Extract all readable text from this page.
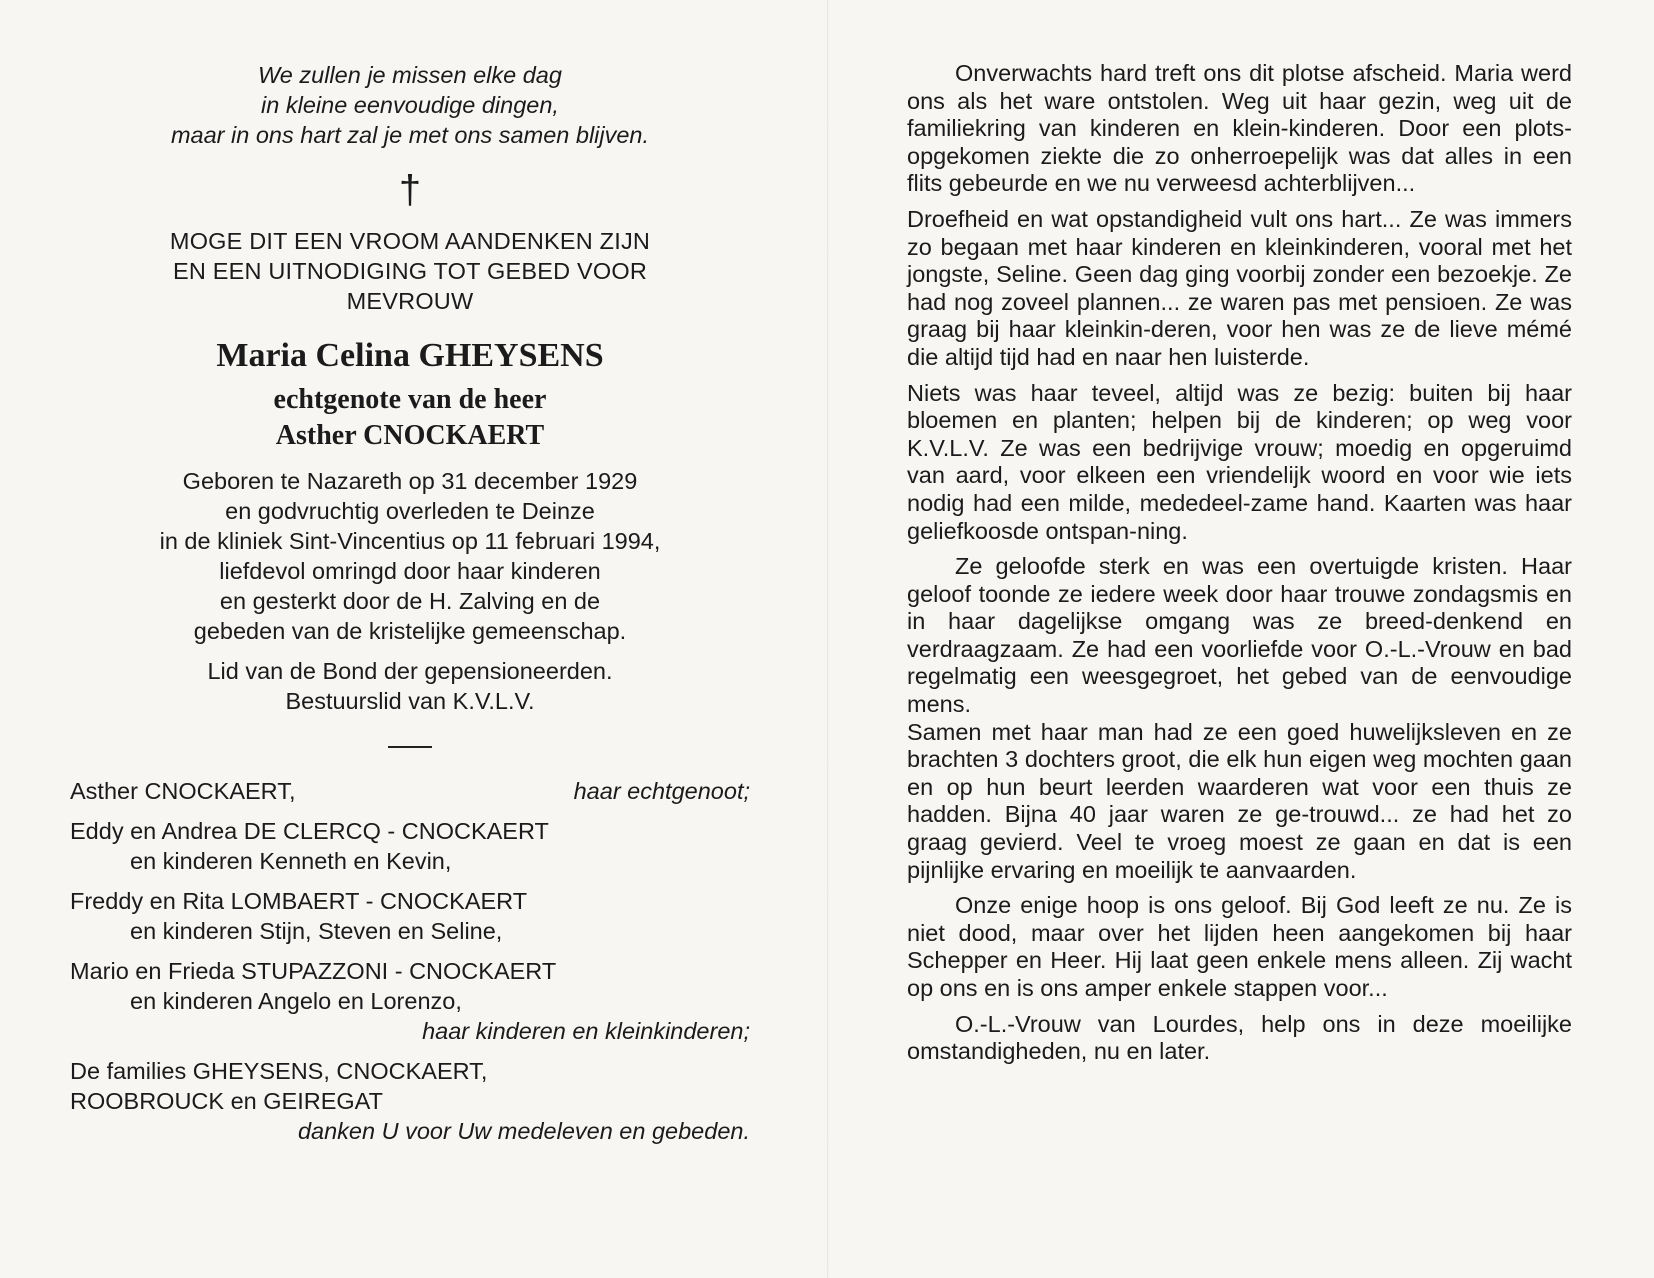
We zullen je missen elke dag

in kleine eenvoudige dingen,

maar in ons hart zal je met ons samen blijven.

†

MOGE DIT EEN VROOM AANDENKEN ZIJN

EN EEN UITNODIGING TOT GEBED VOOR

MEVROUW

Maria Celina GHEYSENS

echtgenote van de heer

Asther CNOCKAERT

Geboren te Nazareth op 31 december 1929

en godvruchtig overleden te Deinze

in de kliniek Sint-Vincentius op 11 februari 1994,

liefdevol omringd door haar kinderen

en gesterkt door de H. Zalving en de

gebeden van de kristelijke gemeenschap.

Lid van de Bond der gepensioneerden.

Bestuurslid van K.V.L.V.

Asther CNOCKAERT,	haar echtgenoot;
Eddy en Andrea DE CLERCQ - CNOCKAERT
en kinderen Kenneth en Kevin,
Freddy en Rita LOMBAERT - CNOCKAERT
en kinderen Stijn, Steven en Seline,
Mario en Frieda STUPAZZONI - CNOCKAERT
en kinderen Angelo en Lorenzo,
haar kinderen en kleinkinderen;
De families GHEYSENS, CNOCKAERT,
ROOBROUCK en GEIREGAT
danken U voor Uw medeleven en gebeden.

Onverwachts hard treft ons dit plotse afscheid. Maria werd ons als het ware ontstolen. Weg uit haar gezin, weg uit de familiekring van kinderen en klein-kinderen. Door een plots-opgekomen ziekte die zo onherroepelijk was dat alles in een flits gebeurde en we nu verweesd achterblijven...

Droefheid en wat opstandigheid vult ons hart... Ze was immers zo begaan met haar kinderen en kleinkinderen, vooral met het jongste, Seline. Geen dag ging voorbij zonder een bezoekje. Ze had nog zoveel plannen... ze waren pas met pensioen. Ze was graag bij haar kleinkin-deren, voor hen was ze de lieve mémé die altijd tijd had en naar hen luisterde.

Niets was haar teveel, altijd was ze bezig: buiten bij haar bloemen en planten; helpen bij de kinderen; op weg voor K.V.L.V. Ze was een bedrijvige vrouw; moedig en opgeruimd van aard, voor elkeen een vriendelijk woord en voor wie iets nodig had een milde, mededeel-zame hand. Kaarten was haar geliefkoosde ontspan-ning.

Ze geloofde sterk en was een overtuigde kristen. Haar geloof toonde ze iedere week door haar trouwe zondagsmis en in haar dagelijkse omgang was ze breed-denkend en verdraagzaam. Ze had een voorliefde voor O.-L.-Vrouw en bad regelmatig een weesgegroet, het gebed van de eenvoudige mens.

Samen met haar man had ze een goed huwelijksleven en ze brachten 3 dochters groot, die elk hun eigen weg mochten gaan en op hun beurt leerden waarderen wat voor een thuis ze hadden. Bijna 40 jaar waren ze ge-trouwd... ze had het zo graag gevierd. Veel te vroeg moest ze gaan en dat is een pijnlijke ervaring en moeilijk te aanvaarden.

Onze enige hoop is ons geloof. Bij God leeft ze nu. Ze is niet dood, maar over het lijden heen aangekomen bij haar Schepper en Heer. Hij laat geen enkele mens alleen. Zij wacht op ons en is ons amper enkele stappen voor...

O.-L.-Vrouw van Lourdes, help ons in deze moeilijke omstandigheden, nu en later.
